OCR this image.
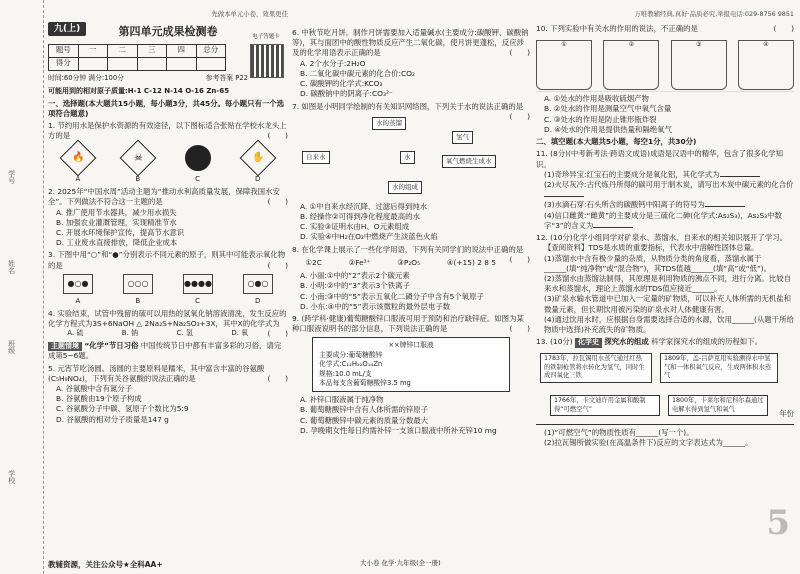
学号
姓名
班级
学校
先做本单元小卷，效果更佳
九(上)	第四单元成果检测卷
题号	一	二	三	四	总分
得分					
电子答题卡
时间:60分钟 满分:100分	参考答案 P22
可能用到的相对原子质量:H-1 C-12 N-14 O-16 Zn-65
一、选择题(本大题共15小题，每小题3分，共45分。每小题只有一个选项符合题意)
1. 节约用水是保护水资源的有效途径，以下图标适合张贴在学校水龙头上方的是	(　　)
🔥	☠	✋
A	B	C	D
2. 2025年“中国水周”活动主题为“推动水利高质量发展，保障我国水安全”。下列做法不符合这一主题的是	(　　)
A. 推广使用节水器具，减少用水损失
B. 加强农业灌溉管理，实现精准节水
C. 开展水环境保护宣传，提高节水意识
D. 工业废水直接排放，降低企业成本
3. 下图中用“○”和“●”分别表示不同元素的原子，则其中可能表示氧化物的是	(　　)
●○●	○○○	●●●●	○●○
A	B	C	D
4. 实验结束，试管中残留的硫可以用热的氢氧化钠溶液清洗，发生反应的化学方程式为3S+6NaOH △ 2Na₂S+Na₂SO₃+3X，其中X的化学式为
(　　)
A. 硫	B. 钠	C. 氢	D. 氧
主题情境 “化学”节日习俗 中国传统节日中都有丰富多彩的习俗，请完成第5~6题。
5. 元宵节吃汤圆。汤圆的主要原料是糯米，其中富含丰富的谷氨酸(C₅H₉NO₄)，下列有关谷氨酸的说法正确的是	(　　)
A. 谷氨酸中含有氮分子
B. 谷氨酸由19个原子构成
C. 谷氨酸分子中碳、氢原子个数比为5:9
D. 谷氨酸的相对分子质量是147 g
6. 中秋节吃月饼。制作月饼需要加入适量碱水(主要成分:碳酸钾、碳酸钠等)，其与面团中的酸性物质反应产生二氧化碳，使月饼更蓬松，反应涉及的化学用语表示正确的是	(　　)
A. 2个水分子:2H₂O
B. 二氧化碳中碳元素的化合价:CO₂
C. 碳酸钾的化学式:KCO₃
D. 碳酸钠中的阴离子:CO₃²⁻
7. 如图是小明同学绘制的有关知识网络图，下列关于水的说法正确的是
(　　)
水的蒸馏
自来水	水
氢气
水的组成
氧气燃烧生成水
A. ①中自来水经沉降、过滤后得到纯水
B. 经操作②可得到净化程度最高的水
C. 实验③证明水由H、O元素组成
D. 实验④中H₂在O₂中燃烧产生淡蓝色火焰
8. 在化学课上展示了一些化学用语，下列有关同学们的说法中正确的是
(　　)
①2C	②Fe³⁺	③P₂O₅	④(+15) 2 8 5
A. 小丽:①中的“2”表示2个碳元素
B. 小明:②中的“3”表示3个铁离子
C. 小南:③中的“5”表示五氧化二磷分子中含有5个氧原子
D. 小东:④中的“5”表示该微粒的最外层电子数
9. (跨学科·健康)葡萄糖酸锌口服液可用于预防和治疗缺锌症。如图为某种口服液说明书的部分信息，下列说法正确的是	(　　)
××牌锌口服液
主要成分:葡萄糖酸锌
化学式:C₁₂H₂₂O₁₄Zn
规格:10.0 mL/支
本品每支含葡萄糖酸锌3.5 mg
A. 补锌口服液属于纯净物
B. 葡萄糖酸锌中含有人体所需的锌原子
C. 葡萄糖酸锌中碳元素的质量分数最大
D. 孕晚期女性每日约需补锌一支该口服液中所补充锌10 mg
万唯教辅经典,真好·品质必究,举报电话:029-8756 9851
10. 下列实验中有关水的作用的说法，不正确的是	(　　)
①	②	③	④
A. ①处水的作用是吸收硫烟产物
B. ②处水的作用是测量空气中氧气含量
C. ③处水的作用是防止锥形瓶炸裂
D. ④处水的作用是提供热量和隔绝氧气
二、填空题(本大题共5小题，每空1分，共30分)
11. (8分)(中考新考法·跨语文成语)成语是汉语中的精华，包含了很多化学知识。
(1)奇珍异宝:红宝石的主要成分是氧化铝，其化学式为
(2)火尽灰冷:古代炼丹所得的碳可用于制木炭，请写出木炭中碳元素的化合价
(3)水滴石穿:石头所含的碳酸钙中阳离子的符号为
(4)信口雌黄:“雌黄”的主要成分是三硫化二砷(化学式:As₂S₃)，As₂S₃中数字“3”的含义为
12. (10分)化学小组同学对矿泉水、蒸馏水、自来水的相关知识展开了学习。
【查阅资料】TDS是水质的重要指标，代表水中溶解性固体总量。
(1)蒸馏水中含有极少量的杂质，从物质分类的角度看，蒸馏水属于______(填“纯净物”或“混合物”)，其TDS值越______(填“高”或“低”)。
(2)蒸馏水由蒸馏法制得，其原理是利用物质的沸点不同，进行分离。比较自来水和蒸馏水，理论上蒸馏水的TDS值应接近______。
(3)矿泉水输水管道中已加入一定量的矿物质，可以补充人体所需的无机盐和微量元素，但长期饮用被污染的矿泉水对人体健康有害。
(4)通过饮用水时，应根据自身需要选择合适的水源，饮用______(从题干所给物质中选择)补充流失的矿物质。
13. (10分) 化学史 探究水的组成 科学家探究水的组成的历程如下。
1783年，拉瓦锡用水蒸气通过红热的铁制枪管将水转化为氢气，同时生成四氧化三铁
1809年，盖-吕萨克用实验测得水中氢气和一体积氧气反应，生成两体积水蒸气
1766年，卡文迪许用金属和酸制得“可燃空气”
1800年，卡莱尔和尼科尔森通过电解水得到氢气和氧气	年份
(1)“可燃空气”的物质性质有______(写一个)。
(2)拉瓦锡所做实验(在高温条件下)反应的文字表达式为______。
5
教辅资源，关注公众号★全科AA+	大小卷 化学·九年级(全一册)
